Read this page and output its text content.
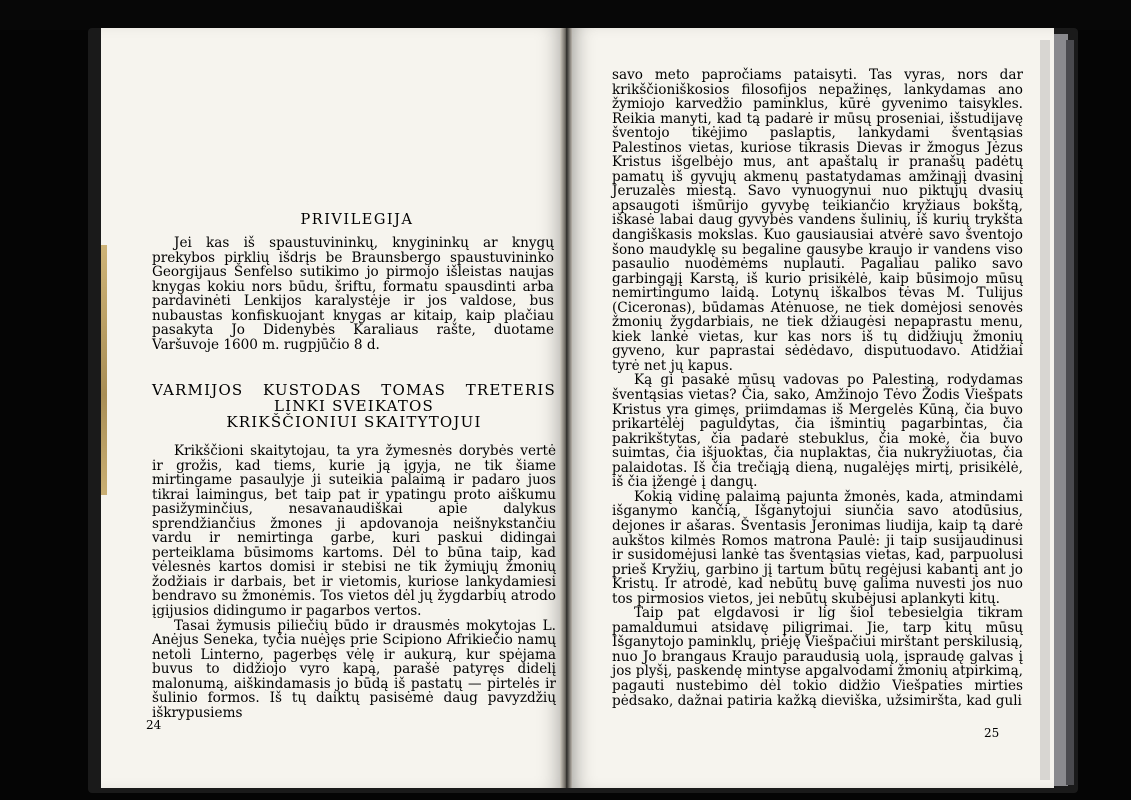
PRIVILEGIJA

Jei kas iš spaustuvininkų, knygininkų ar knygų prekybos pirklių išdrįs be Braunsbergo spaustuvininko Georgijaus Šenfelso sutikimo jo pirmojo išleistas naujas knygas kokiu nors būdu, šriftu, formatu spausdinti arba pardavinėti Lenkijos karalystėje ir jos valdose, bus nubaustas konfiskuojant knygas ar kitaip, kaip plačiau pasakyta Jo Didenybės Karaliaus rašte, duotame Varšuvoje 1600 m. rugpjūčio 8 d.

VARMIJOS KUSTODAS TOMAS TRETERIS
LINKI SVEIKATOS
KRIKŠČIONIUI SKAITYTOJUI

Krikščioni skaitytojau, ta yra žymesnės dorybės vertė ir grožis, kad tiems, kurie ją įgyja, ne tik šiame mirtingame pasaulyje ji suteikia palaimą ir padaro juos tikrai laimingus, bet taip pat ir ypatingu proto aiškumu pasižyminčius, nesavanaudiškai apie dalykus sprendžiančius žmones ji apdovanoja neišnykstančiu vardu ir nemirtinga garbe, kuri paskui didingai perteiklama būsimoms kartoms. Dėl to būna taip, kad vėlesnės kartos domisi ir stebisi ne tik žymiųjų žmonių žodžiais ir darbais, bet ir vietomis, kuriose lankydamiesi bendravo su žmonėmis. Tos vietos dėl jų žygdarbių atrodo įgijusios didingumo ir pagarbos vertos.

Tasai žymusis piliečių būdo ir drausmės mokytojas L. Anėjus Seneka, tyčia nuėjęs prie Scipiono Afrikiečio namų netoli Linterno, pagerbęs vėlę ir aukurą, kur spėjama buvus to didžiojo vyro kapą, parašė patyręs didelį malonumą, aiškindamasis jo būdą iš pastatų — pirtelės ir šulinio formos. Iš tų daiktų pasisėmė daug pavyzdžių iškrypusiems

24

savo meto papročiams pataisyti. Tas vyras, nors dar krikščioniškosios filosofijos nepažinęs, lankydamas ano žymiojo karvedžio paminklus, kūrė gyvenimo taisykles. Reikia manyti, kad tą padarė ir mūsų proseniai, išstudijavę šventojo tikėjimo paslaptis, lankydami šventąsias Palestinos vietas, kuriose tikrasis Dievas ir žmogus Jėzus Kristus išgelbėjo mus, ant apaštalų ir pranašų padėtų pamatų iš gyvųjų akmenų pastatydamas amžinąjį dvasinį Jeruzalės miestą. Savo vynuogynui nuo piktųjų dvasių apsaugoti išmūrijo gyvybę teikiančio kryžiaus bokštą, iškasė labai daug gyvybės vandens šulinių, iš kurių trykšta dangiškasis mokslas. Kuo gausiausiai atvėrė savo šventojo šono maudyklę su begaline gausybe kraujo ir vandens viso pasaulio nuodėmėms nuplauti. Pagaliau paliko savo garbingąjį Karstą, iš kurio prisikėlė, kaip būsimojo mūsų nemirtingumo laidą. Lotynų iškalbos tėvas M. Tulijus (Ciceronas), būdamas Atėnuose, ne tiek domėjosi senovės žmonių žygdarbiais, ne tiek džiaugėsi nepaprastu menu, kiek lankė vietas, kur kas nors iš tų didžiųjų žmonių gyveno, kur paprastai sėdėdavo, disputuodavo. Atidžiai tyrė net jų kapus.

Ką gi pasakė mūsų vadovas po Palestiną, rodydamas šventąsias vietas? Čia, sako, Amžinojo Tėvo Žodis Viešpats Kristus yra gimęs, priimdamas iš Mergelės Kūną, čia buvo prikartėlėj paguldytas, čia išmintių pagarbintas, čia pakrikštytas, čia padarė stebuklus, čia mokė, čia buvo suimtas, čia išjuoktas, čia nuplaktas, čia nukryžiuotas, čia palaidotas. Iš čia trečiąją dieną, nugalėjęs mirtį, prisikėlė, iš čia įžengė į dangų.

Kokią vidinę palaimą pajunta žmonės, kada, atmindami išganymo kančią, Išganytojui siunčia savo atodūsius, dejones ir ašaras. Šventasis Jeronimas liudija, kaip tą darė aukštos kilmės Romos matrona Paulė: ji taip susijaudinusi ir susidomėjusi lankė tas šventąsias vietas, kad, parpuolusi prieš Kryžių, garbino jį tartum būtų regėjusi kabantį ant jo Kristų. Ir atrodė, kad nebūtų buvę galima nuvesti jos nuo tos pirmosios vietos, jei nebūtų skubėjusi aplankyti kitų.

Taip pat elgdavosi ir lig šiol tebesielgia tikram pamaldumui atsidavę piligrimai. Jie, tarp kitų mūsų Išganytojo paminklų, priėję Viešpačiui mirštant perskilusią, nuo Jo brangaus Kraujo paraudusią uolą, įspraudę galvas į jos plyšį, paskendę mintyse apgalvodami žmonių atpirkimą, pagauti nustebimo dėl tokio didžio Viešpaties mirties pėdsako, dažnai patiria kažką dieviška, užsimiršta, kad guli

25
